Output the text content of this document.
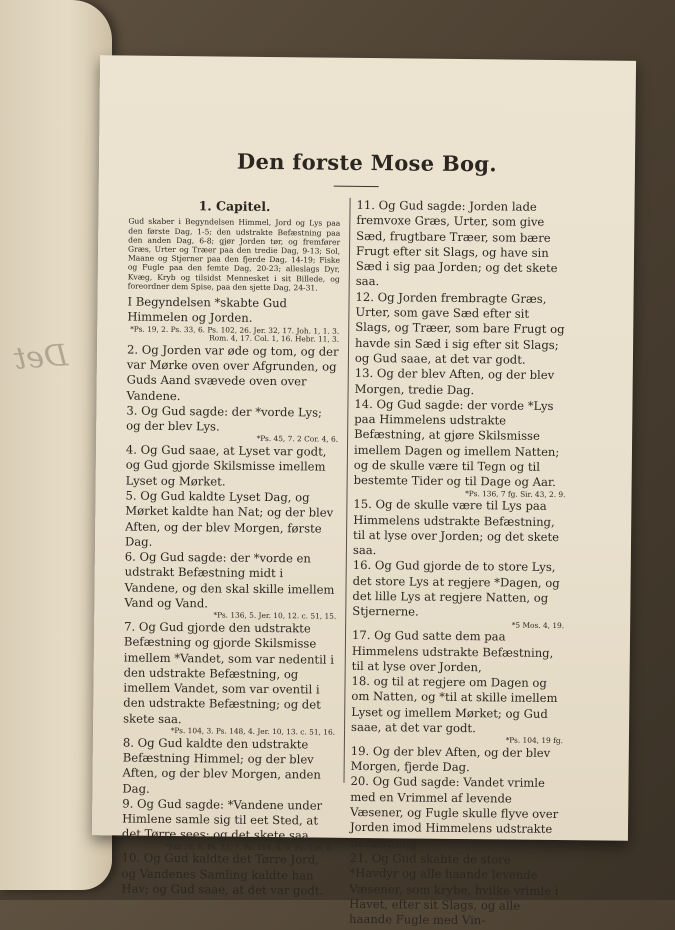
Det
Den forste Mose Bog.
1. Capitel.
Gud skaber i Begyndelsen Himmel, Jord og Lys paa den første Dag, 1-5; den udstrakte Befæstning paa den anden Dag, 6-8; gjør Jorden tør, og fremfører Græs, Urter og Træer paa den tredie Dag, 9-13; Sol, Maane og Stjerner paa den fjerde Dag, 14-19; Fiske og Fugle paa den femte Dag, 20-23; alleslags Dyr, Kvæg, Kryb og tilsidst Mennesket i sit Billede, og foreordner dem Spise, paa den sjette Dag, 24-31.

I Begyndelsen *skabte Gud Himmelen og Jorden.

*Ps. 19, 2. Ps. 33, 6. Ps. 102, 26. Jer. 32, 17. Joh. 1, 1. 3. Rom. 4, 17. Col. 1, 16. Hebr. 11, 3.

2. Og Jorden var øde og tom, og der var Mørke oven over Afgrunden, og Guds Aand svævede oven over Vandene.

3. Og Gud sagde: der *vorde Lys; og der blev Lys.

*Ps. 45, 7. 2 Cor. 4, 6.

4. Og Gud saae, at Lyset var godt, og Gud gjorde Skilsmisse imellem Lyset og Mørket.

5. Og Gud kaldte Lyset Dag, og Mørket kaldte han Nat; og der blev Aften, og der blev Morgen, første Dag.

6. Og Gud sagde: der *vorde en udstrakt Befæstning midt i Vandene, og den skal skille imellem Vand og Vand.

*Ps. 136, 5. Jer. 10, 12. c. 51, 15.

7. Og Gud gjorde den udstrakte Befæstning og gjorde Skilsmisse imellem *Vandet, som var nedentil i den udstrakte Befæstning, og imellem Vandet, som var oventil i den udstrakte Befæstning; og det skete saa.

*Ps. 104, 3. Ps. 148, 4. Jer. 10, 13. c. 51, 16.

8. Og Gud kaldte den udstrakte Befæstning Himmel; og der blev Aften, og der blev Morgen, anden Dag.

9. Og Gud sagde: *Vandene under Himlene samle sig til eet Sted, at det Tørre sees; og det skete saa.

*Job 38, 8. Ps. 33, 7. Ps. 104, 6. 9. Ps. 136, 6.

10. Og Gud kaldte det Tørre Jord, og Vandenes Samling kaldte han Hav; og Gud saae, at det var godt.

11. Og Gud sagde: Jorden lade fremvoxe Græs, Urter, som give Sæd, frugtbare Træer, som bære Frugt efter sit Slags, og have sin Sæd i sig paa Jorden; og det skete saa.

12. Og Jorden frembragte Græs, Urter, som gave Sæd efter sit Slags, og Træer, som bare Frugt og havde sin Sæd i sig efter sit Slags; og Gud saae, at det var godt.

13. Og der blev Aften, og der blev Morgen, tredie Dag.

14. Og Gud sagde: der vorde *Lys paa Himmelens udstrakte Befæstning, at gjøre Skilsmisse imellem Dagen og imellem Natten; og de skulle være til Tegn og til bestemte Tider og til Dage og Aar.

*Ps. 136, 7 fg. Sir. 43, 2. 9.

15. Og de skulle være til Lys paa Himmelens udstrakte Befæstning, til at lyse over Jorden; og det skete saa.

16. Og Gud gjorde de to store Lys, det store Lys at regjere *Dagen, og det lille Lys at regjere Natten, og Stjernerne.

*5 Mos. 4, 19.

17. Og Gud satte dem paa Himmelens udstrakte Befæstning, til at lyse over Jorden,

18. og til at regjere om Dagen og om Natten, og *til at skille imellem Lyset og imellem Mørket; og Gud saae, at det var godt.

*Ps. 104, 19 fg.

19. Og der blev Aften, og der blev Morgen, fjerde Dag.

20. Og Gud sagde: Vandet vrimle med en Vrimmel af levende Væsener, og Fugle skulle flyve over Jorden imod Himmelens udstrakte Befæstning.

21. Og Gud skabte de store *Havdyr og alle haande levende Væsener, som krybe, hvilke vrimle i Havet, efter sit Slags, og alle haande Fugle med Vin-
